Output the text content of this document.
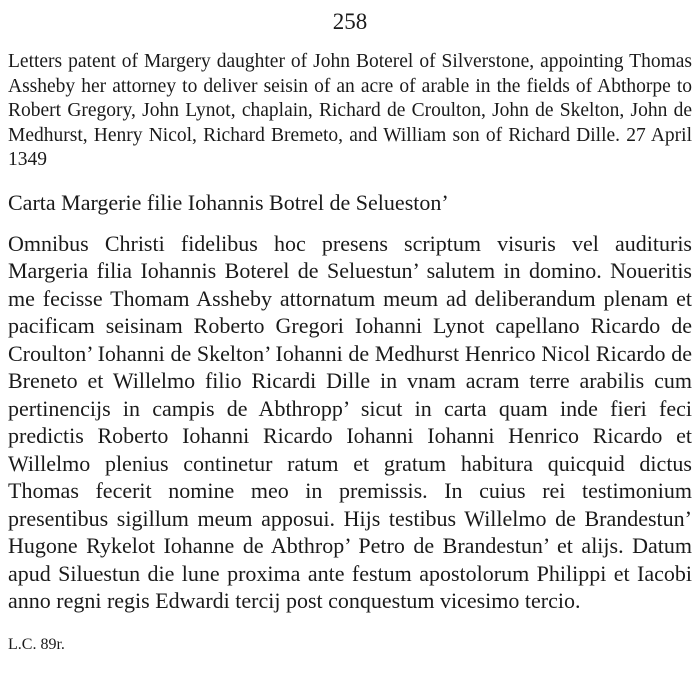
258

Letters patent of Margery daughter of John Boterel of Silverstone, appointing Thomas Assheby her attorney to deliver seisin of an acre of arable in the fields of Abthorpe to Robert Gregory, John Lynot, chaplain, Richard de Croulton, John de Skelton, John de Medhurst, Henry Nicol, Richard Bremeto, and William son of Richard Dille. 27 April 1349

Carta Margerie filie Iohannis Botrel de Selueston’

Omnibus Christi fidelibus hoc presens scriptum visuris vel audituris Margeria filia Iohannis Boterel de Seluestun’ salutem in domino. Noueritis me fecisse Thomam Assheby attornatum meum ad deliberandum plenam et pacificam seisinam Roberto Gregori Iohanni Lynot capellano Ricardo de Croulton’ Iohanni de Skelton’ Iohanni de Medhurst Henrico Nicol Ricardo de Breneto et Willelmo filio Ricardi Dille in vnam acram terre arabilis cum pertinencijs in campis de Abthropp’ sicut in carta quam inde fieri feci predictis Roberto Iohanni Ricardo Iohanni Iohanni Henrico Ricardo et Willelmo plenius continetur ratum et gratum habitura quicquid dictus Thomas fecerit nomine meo in premissis. In cuius rei testimonium presentibus sigillum meum apposui. Hijs testibus Willelmo de Brandestun’ Hugone Rykelot Iohanne de Abthrop’ Petro de Brandestun’ et alijs. Datum apud Siluestun die lune proxima ante festum apostolorum Philippi et Iacobi anno regni regis Edwardi tercij post conquestum vicesimo tercio.

L.C. 89r.
